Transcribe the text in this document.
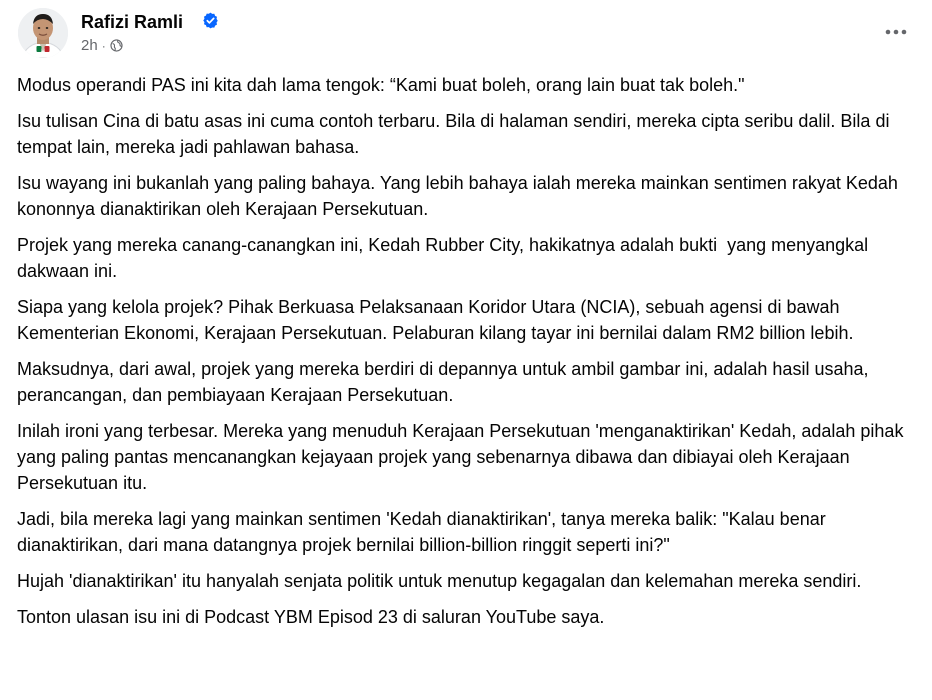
Rafizi Ramli
2h ·

Modus operandi PAS ini kita dah lama tengok: “Kami buat boleh, orang lain buat tak boleh."

Isu tulisan Cina di batu asas ini cuma contoh terbaru. Bila di halaman sendiri, mereka cipta seribu dalil. Bila di tempat lain, mereka jadi pahlawan bahasa.

Isu wayang ini bukanlah yang paling bahaya. Yang lebih bahaya ialah mereka mainkan sentimen rakyat Kedah kononnya dianaktirikan oleh Kerajaan Persekutuan.

Projek yang mereka canang-canangkan ini, Kedah Rubber City, hakikatnya adalah bukti  yang menyangkal dakwaan ini.

Siapa yang kelola projek? Pihak Berkuasa Pelaksanaan Koridor Utara (NCIA), sebuah agensi di bawah Kementerian Ekonomi, Kerajaan Persekutuan. Pelaburan kilang tayar ini bernilai dalam RM2 billion lebih.

Maksudnya, dari awal, projek yang mereka berdiri di depannya untuk ambil gambar ini, adalah hasil usaha, perancangan, dan pembiayaan Kerajaan Persekutuan.

Inilah ironi yang terbesar. Mereka yang menuduh Kerajaan Persekutuan 'menganaktirikan' Kedah, adalah pihak yang paling pantas mencanangkan kejayaan projek yang sebenarnya dibawa dan dibiayai oleh Kerajaan Persekutuan itu.

Jadi, bila mereka lagi yang mainkan sentimen 'Kedah dianaktirikan', tanya mereka balik: "Kalau benar dianaktirikan, dari mana datangnya projek bernilai billion-billion ringgit seperti ini?"

Hujah 'dianaktirikan' itu hanyalah senjata politik untuk menutup kegagalan dan kelemahan mereka sendiri.

Tonton ulasan isu ini di Podcast YBM Episod 23 di saluran YouTube saya.
